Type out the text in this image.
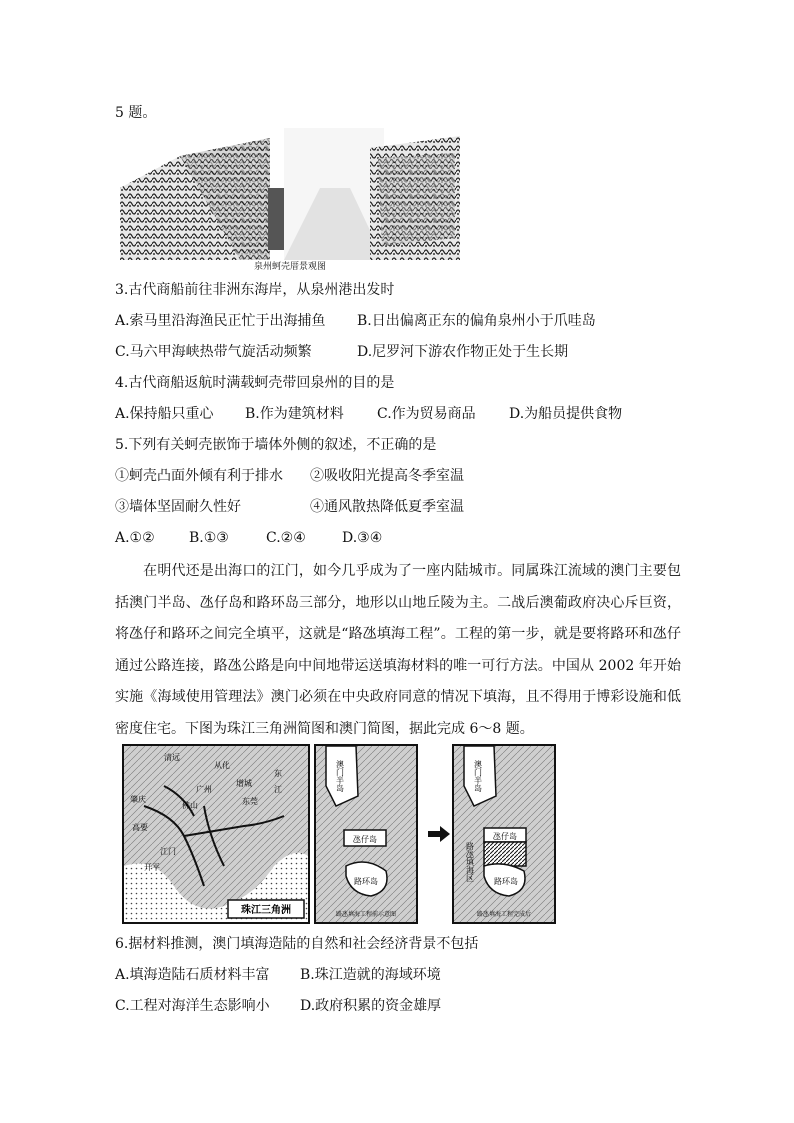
5 题。
泉州蚵壳厝景观图
3.古代商船前往非洲东海岸，从泉州港出发时
A.索马里沿海渔民正忙于出海捕鱼 B.日出偏离正东的偏角泉州小于爪哇岛
C.马六甲海峡热带气旋活动频繁	D.尼罗河下游农作物正处于生长期
4.古代商船返航时满载蚵壳带回泉州的目的是
A.保持船只重心 B.作为建筑材料 C.作为贸易商品 D.为船员提供食物
5.下列有关蚵壳嵌饰于墙体外侧的叙述，不正确的是
①蚵壳凸面外倾有利于排水 ②吸收阳光提高冬季室温
③墙体坚固耐久性好	④通风散热降低夏季室温
A.①② B.①③	C.②④	D.③④
在明代还是出海口的江门，如今几乎成为了一座内陆城市。同属珠江流域的澳门主要包括澳门半岛、氹仔岛和路环岛三部分，地形以山地丘陵为主。二战后澳葡政府决心斥巨资，将氹仔和路环之间完全填平，这就是“路氹填海工程”。工程的第一步，就是要将路环和氹仔通过公路连接，路氹公路是向中间地带运送填海材料的唯一可行方法。中国从 2002 年开始实施《海域使用管理法》澳门必须在中央政府同意的情况下填海，且不得用于博彩设施和低密度住宅。下图为珠江三角洲简图和澳门简图，据此完成 6～8 题。
清远
从化
广州
东莞
增城
佛山
肇庆
高要
江门
开平
东
江
珠江三角洲
澳门半岛
氹仔岛
路环岛
路氹填海工程前示意图
澳门半岛
氹仔岛
路氹填海区 路环岛
路氹填海工程完成后
6.据材料推测，澳门填海造陆的自然和社会经济背景不包括
A.填海造陆石质材料丰富 B.珠江造就的海域环境
C.工程对海洋生态影响小 D.政府积累的资金雄厚
